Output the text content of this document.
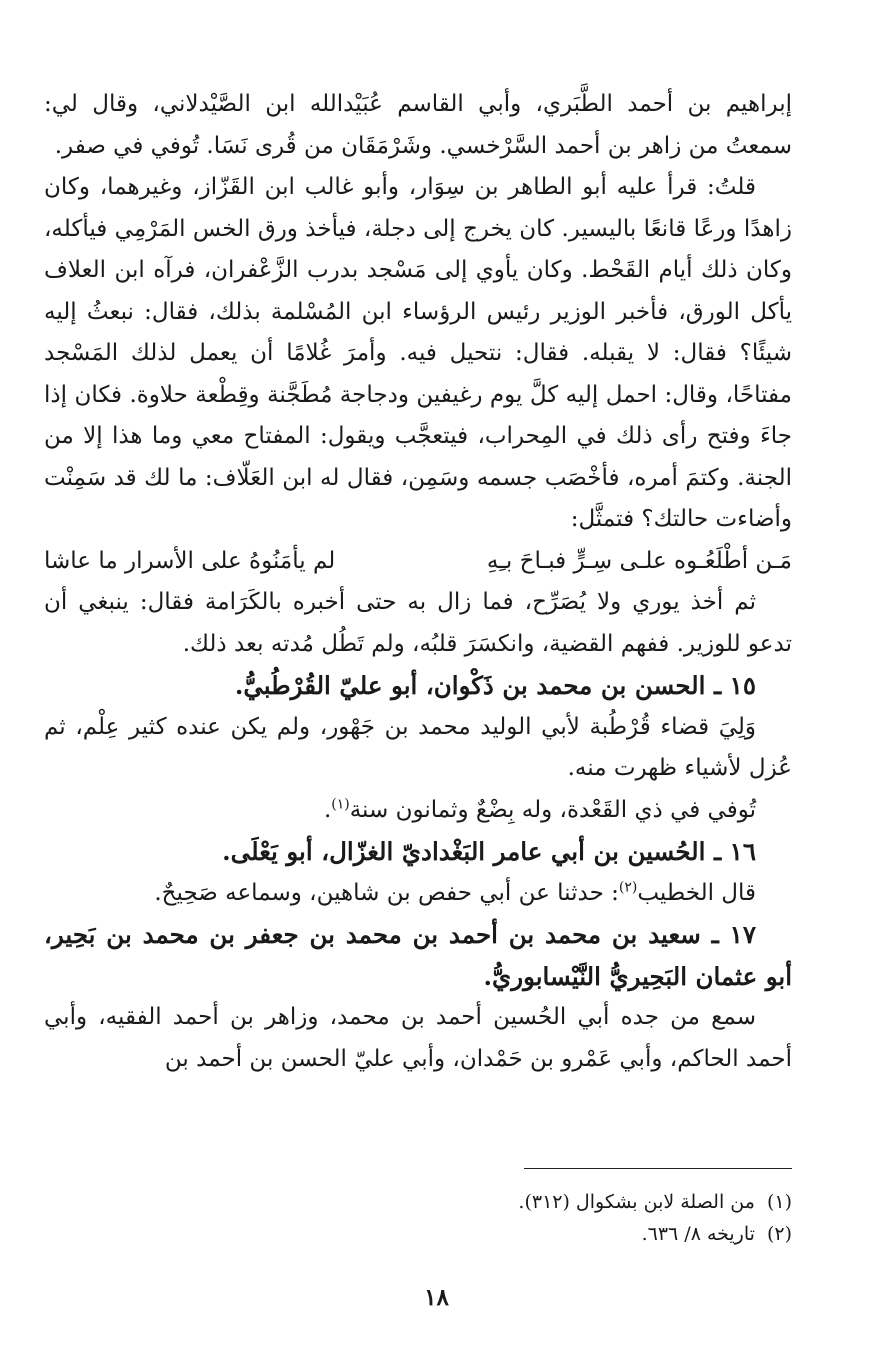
إبراهيم بن أحمد الطَّبَري، وأبي القاسم عُبَيْدالله ابن الصَّيْدلاني، وقال لي: سمعتُ من زاهر بن أحمد السَّرْخسي. وشَرْمَقَان من قُرى نَسَا. تُوفي في صفر.

قلتُ: قرأ عليه أبو الطاهر بن سِوَار، وأبو غالب ابن القَزّاز، وغيرهما، وكان زاهدًا ورعًا قانعًا باليسير. كان يخرج إلى دجلة، فيأخذ ورق الخس المَرْمِي فيأكله، وكان ذلك أيام القَحْط. وكان يأوي إلى مَسْجد بدرب الزَّعْفران، فرآه ابن العلاف يأكل الورق، فأخبر الوزير رئيس الرؤساء ابن المُسْلمة بذلك، فقال: نبعثُ إليه شيئًا؟ فقال: لا يقبله. فقال: نتحيل فيه. وأمرَ غُلامًا أن يعمل لذلك المَسْجد مفتاحًا، وقال: احمل إليه كلَّ يوم رغيفين ودجاجة مُطَجَّنة وقِطْعة حلاوة. فكان إذا جاءَ وفتح رأى ذلك في المِحراب، فيتعجَّب ويقول: المفتاح معي وما هذا إلا من الجنة. وكتمَ أمره، فأخْصَب جسمه وسَمِن، فقال له ابن العَلّاف: ما لك قد سَمِنْت وأضاءت حالتك؟ فتمثَّل:

مَـن أطْلَعُـوه علـى سِـرٍّ فبـاحَ بـِهِ
لم يأمَنُوهُ على الأسرار ما عاشا

ثم أخذ يوري ولا يُصَرِّح، فما زال به حتى أخبره بالكَرَامة فقال: ينبغي أن تدعو للوزير. ففهم القضية، وانكسَرَ قلبُه، ولم تَطُل مُدته بعد ذلك.

١٥ ـ الحسن بن محمد بن ذَكْوان، أبو عليّ القُرْطُبيُّ.

وَلِيَ قضاء قُرْطُبة لأبي الوليد محمد بن جَهْور، ولم يكن عنده كثير عِلْم، ثم عُزل لأشياء ظهرت منه.

تُوفي في ذي القَعْدة، وله بِضْعٌ وثمانون سنة$^{(١)}$.

١٦ ـ الحُسين بن أبي عامر البَغْداديّ الغزّال، أبو يَعْلَى.

قال الخطيب$^{(٢)}$: حدثنا عن أبي حفص بن شاهين، وسماعه صَحِيحٌ.

١٧ ـ سعيد بن محمد بن أحمد بن محمد بن جعفر بن محمد بن بَحِير، أبو عثمان البَحِيريُّ النَّيْسابوريُّ.

سمع من جده أبي الحُسين أحمد بن محمد، وزاهر بن أحمد الفقيه، وأبي أحمد الحاكم، وأبي عَمْرو بن حَمْدان، وأبي عليّ الحسن بن أحمد بن

(١)
من الصلة لابن بشكوال (٣١٢).

(٢)
تاريخه ٨/ ٦٣٦.

١٨
